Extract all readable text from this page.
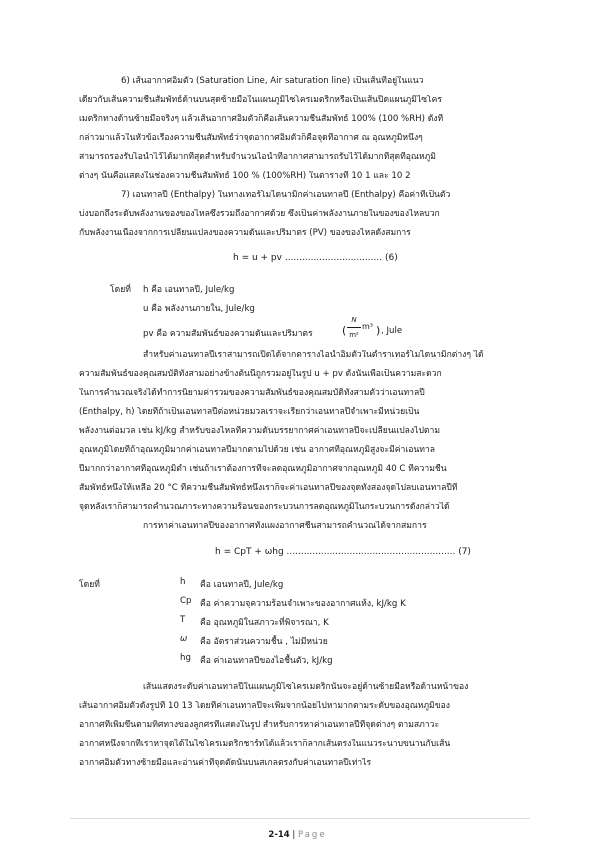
6) เส้นอากาศอิ่มตัว (Saturation Line, Air saturation line) เป็นเส้นที่อยู่ในแนว
เดียวกับเส้นความชื้นสัมพัทธ์ด้านบนสุดซ้ายมือในแผนภูมิไซโครเมตริกหรือเป็นเส้นปิดแผนภูมิไซโคร
เมตริกทางด้านซ้ายมือจริงๆ แล้วเส้นอากาศอิ่มตัวก็คือเส้นความชื้นสัมพัทธ์ 100% (100 %RH) ดังที่
กล่าวมาแล้วในหัวข้อเรื่องความชื้นสัมพัทธ์ว่าจุดอากาศอิ่มตัวก็คือจุดที่อากาศ ณ อุณหภูมิหนึ่งๆ
สามารถรองรับไอน้ำไว้ได้มากที่สุดสำหรับจำนวนไอน้ำที่อากาศสามารถรับไว้ได้มากที่สุดที่อุณหภูมิ
ต่างๆ นั้นคือแสดงในช่องความชื้นสัมพัทธ์ 100 % (100%RH) ในตารางที่ 10 1 และ 10 2
7) เอนทาลปี (Enthalpy) ในทางเทอร์โมไดนามิกค่าเอนทาลปี (Enthalpy) คือค่าที่เป็นตัว
บ่งบอกถึงระดับพลังงานของของไหลซึ่งรวมถึงอากาศด้วย ซึ่งเป็นค่าพลังงานภายในของของไหลบวก
กับพลังงานเนื่องจากการเปลี่ยนแปลงของความดันและปริมาตร (PV) ของของไหลดังสมการ
h = u + pv .................................. (6)
โดยที่ h คือ เอนทาลปี, Jule/kg
u คือ พลังงานภายใน, Jule/kg
pv คือ ความสัมพันธ์ของความดันและปริมาตร	(
N
m²
m³ ) , Jule
สำหรับค่าเอนทาลปีเราสามารถเปิดได้จากตารางไอน้ำอิ่มตัวในตำราเทอร์โมไดนามิกต่างๆ ได้
ความสัมพันธ์ของคุณสมบัติทั้งสามอย่างข้างต้นนี้ถูกรวมอยู่ในรูป u + pv ดังนั้นเพื่อเป็นความสะดวก
ในการคำนวณจริงได้ทำการนิยามค่ารวมของความสัมพันธ์ของคุณสมบัติทั้งสามตัวว่าเอนทาลปี
(Enthalpy, h) โดยที่ถ้าเป็นเอนทาลปีต่อหน่วยมวลเราจะเรียกว่าเอนทาลปีจำเพาะมีหน่วยเป็น
พลังงานต่อมวล เช่น kJ/kg สำหรับของไหลที่ความดันบรรยากาศค่าเอนทาลปีจะเปลี่ยนแปลงไปตาม
อุณหภูมิโดยที่ถ้าอุณหภูมิมากค่าเอนทาลปีมากตามไปด้วย เช่น อากาศที่อุณหภูมิสูงจะมีค่าเอนทาล
ปีมากกว่าอากาศที่อุณหภูมิต่ำ เช่นถ้าเราต้องการที่จะลดอุณหภูมิอากาศจากอุณหภูมิ 40 C ที่ความชื้น
สัมพัทธ์หนึ่งให้เหลือ 20 °C ที่ความชื้นสัมพัทธ์หนึ่งเราก็จะค่าเอนทาลปีของจุดทั้งสองจุดไปลบเอนทาลปีที่
จุดหลังเราก็สามารถคำนวณภาระทางความร้อนของกระบวนการลดอุณหภูมิในกระบวนการดังกล่าวได้
การหาค่าเอนทาลปีของอากาศทั้งแผงอากาศชื้นสามารถคำนวณได้จากสมการ
h = CpT + ωhg ........................................................... (7)
โดยที่	h คือ เอนทาลปี, Jule/kg
Cp คือ ค่าความจุความร้อนจำเพาะของอากาศแห้ง, kJ/kg K
T คือ อุณหภูมิในสภาวะที่พิจารณา, K
ω คือ อัตราส่วนความชื้น , ไม่มีหน่วย
hg คือ ค่าเอนทาลปีของไอชื้นตัว, kJ/kg
เส้นแสดงระดับค่าเอนทาลปีในแผนภูมิไซโครเมตริกนั้นจะอยู่ด้านซ้ายมือหรือด้านหน้าของ
เส้นอากาศอิ่มตัวดังรูปที่ 10 13 โดยที่ค่าเอนทาลปีจะเพิ่มจากน้อยไปหามากตามระดับของอุณหภูมิของ
อากาศที่เพิ่มขึ้นตามทิศทางของลูกศรที่แสดงในรูป สำหรับการหาค่าเอนทาลปีที่จุดต่างๆ ตามสภาวะ
อากาศหนึ่งจากที่เราหาจุดได้ในไซโครเมตริกชาร์ทได้แล้วเราก็ลากเส้นตรงในแนวระนาบขนานกับเส้น
อากาศอิ่มตัวทางซ้ายมือและอ่านค่าที่จุดตัดนั้นบนสเกลตรงกับค่าเอนทาลปีเท่าไร
2-14 | Page
